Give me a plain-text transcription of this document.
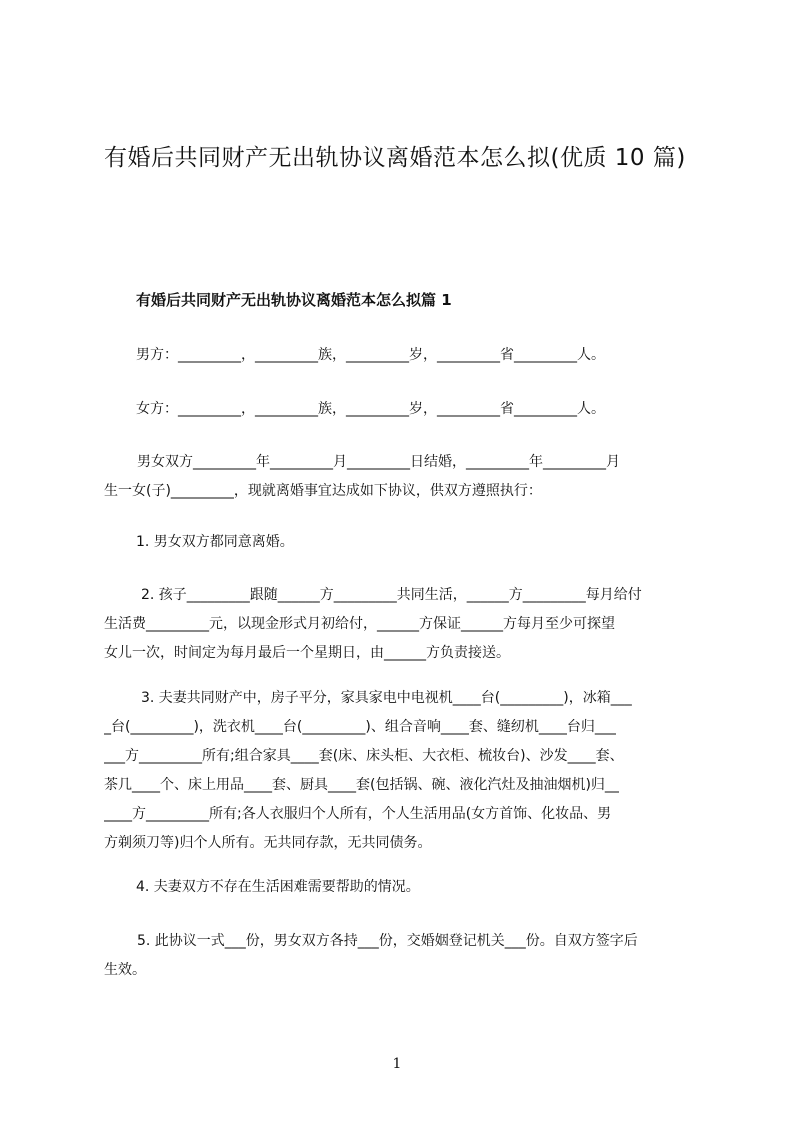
有婚后共同财产无出轨协议离婚范本怎么拟(优质 10 篇)
有婚后共同财产无出轨协议离婚范本怎么拟篇 1
男方：_________，_________族，_________岁，_________省_________人。
女方：_________，_________族，_________岁，_________省_________人。
男女双方_________年_________月_________日结婚，_________年_________月
生一女(子)_________，现就离婚事宜达成如下协议，供双方遵照执行：
1. 男女双方都同意离婚。
2. 孩子_________跟随______方_________共同生活，______方_________每月给付
生活费_________元，以现金形式月初给付，______方保证______方每月至少可探望
女儿一次，时间定为每月最后一个星期日，由______方负责接送。
3. 夫妻共同财产中，房子平分，家具家电中电视机____台(_________)，冰箱___
_台(_________)，洗衣机____台(_________)、组合音响____套、缝纫机____台归___
___方_________所有;组合家具____套(床、床头柜、大衣柜、梳妆台)、沙发____套、
茶几____个、床上用品____套、厨具____套(包括锅、碗、液化汽灶及抽油烟机)归__
____方_________所有;各人衣服归个人所有，个人生活用品(女方首饰、化妆品、男
方剃须刀等)归个人所有。无共同存款，无共同债务。
4. 夫妻双方不存在生活困难需要帮助的情况。
5. 此协议一式___份，男女双方各持___份，交婚姻登记机关___份。自双方签字后
生效。
1
